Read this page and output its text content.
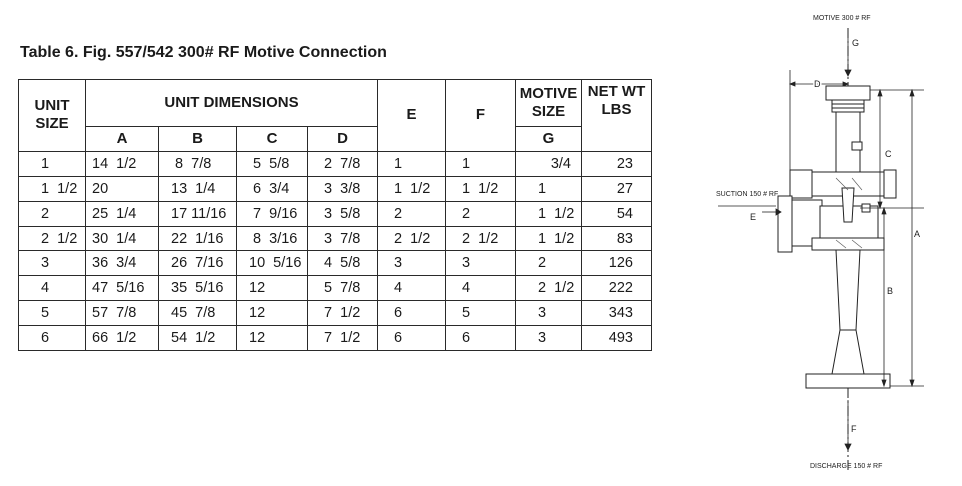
Table 6. Fig. 557/542 300# RF Motive Connection
UNIT SIZE	UNIT DIMENSIONS				E	F	MOTIVE SIZE	NET WT LBS
	A	B	C	D			G	
1	14  1/2	8  7/8	5  5/8	2  7/8	1	1	3/4	23
1  1/2	20	13  1/4	6  3/4	3  3/8	1  1/2	1  1/2	1	27
2	25  1/4	17 11/16	7  9/16	3  5/8	2	2	1  1/2	54
2  1/2	30  1/4	22  1/16	8  3/16	3  7/8	2  1/2	2  1/2	1  1/2	83
3	36  3/4	26  7/16	10  5/16	4  5/8	3	3	2	126
4	47  5/16	35  5/16	12	5  7/8	4	4	2  1/2	222
5	57  7/8	45  7/8	12	7  1/2	6	5	3	343
6	66  1/2	54  1/2	12	7  1/2	6	6	3	493
MOTIVE 300 # RF
SUCTION 150 # RF
DISCHARGE 150 # RF
G
D
C
A
B
E
F
